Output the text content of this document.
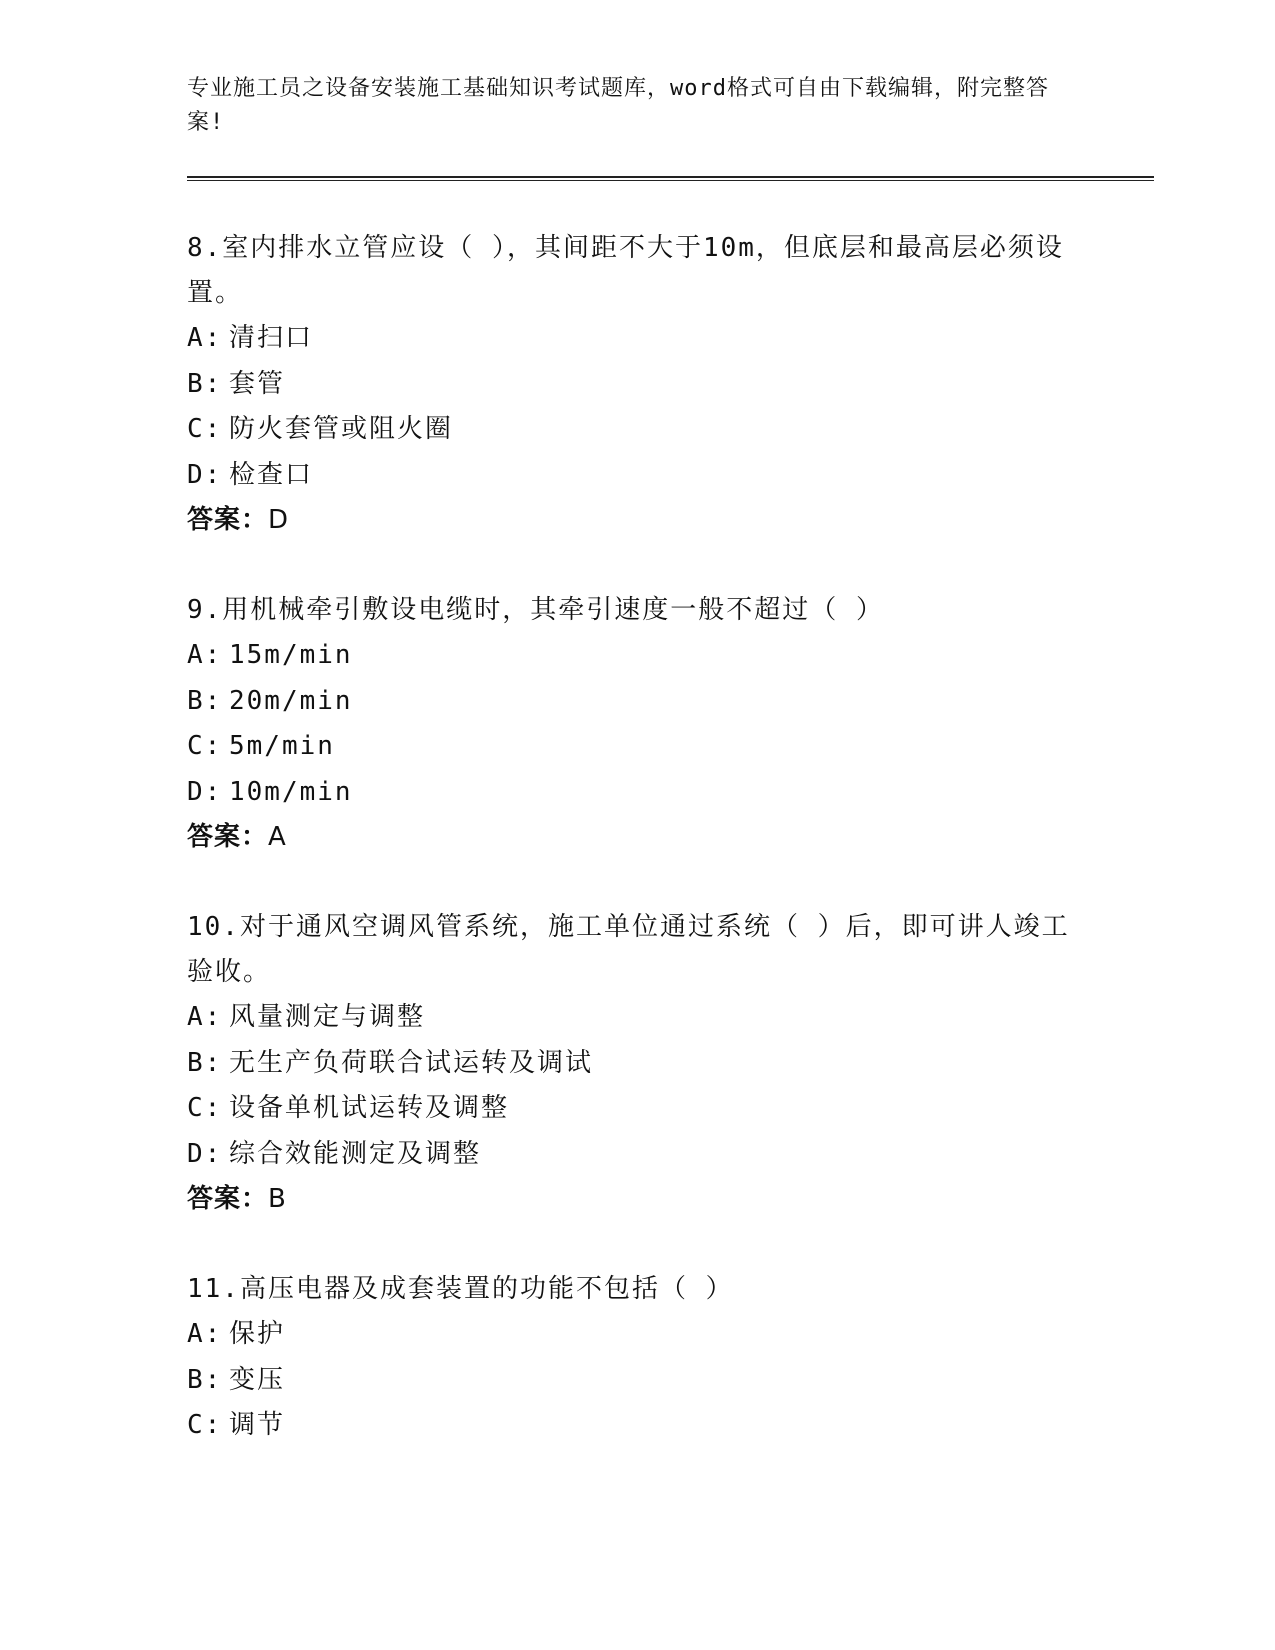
专业施工员之设备安装施工基础知识考试题库，word格式可自由下载编辑，附完整答案!

8.室内排水立管应设（ ），其间距不大于10m，但底层和最高层必须设置。

A: 清扫口
B: 套管
C: 防火套管或阻火圈
D: 检查口
答案：D

9.用机械牵引敷设电缆时，其牵引速度一般不超过（ ）

A: 15m/min
B: 20m/min
C: 5m/min
D: 10m/min
答案：A

10.对于通风空调风管系统，施工单位通过系统（ ）后，即可讲人竣工验收。

A: 风量测定与调整
B: 无生产负荷联合试运转及调试
C: 设备单机试运转及调整
D: 综合效能测定及调整
答案：B

11.高压电器及成套装置的功能不包括（ ）

A: 保护
B: 变压
C: 调节
